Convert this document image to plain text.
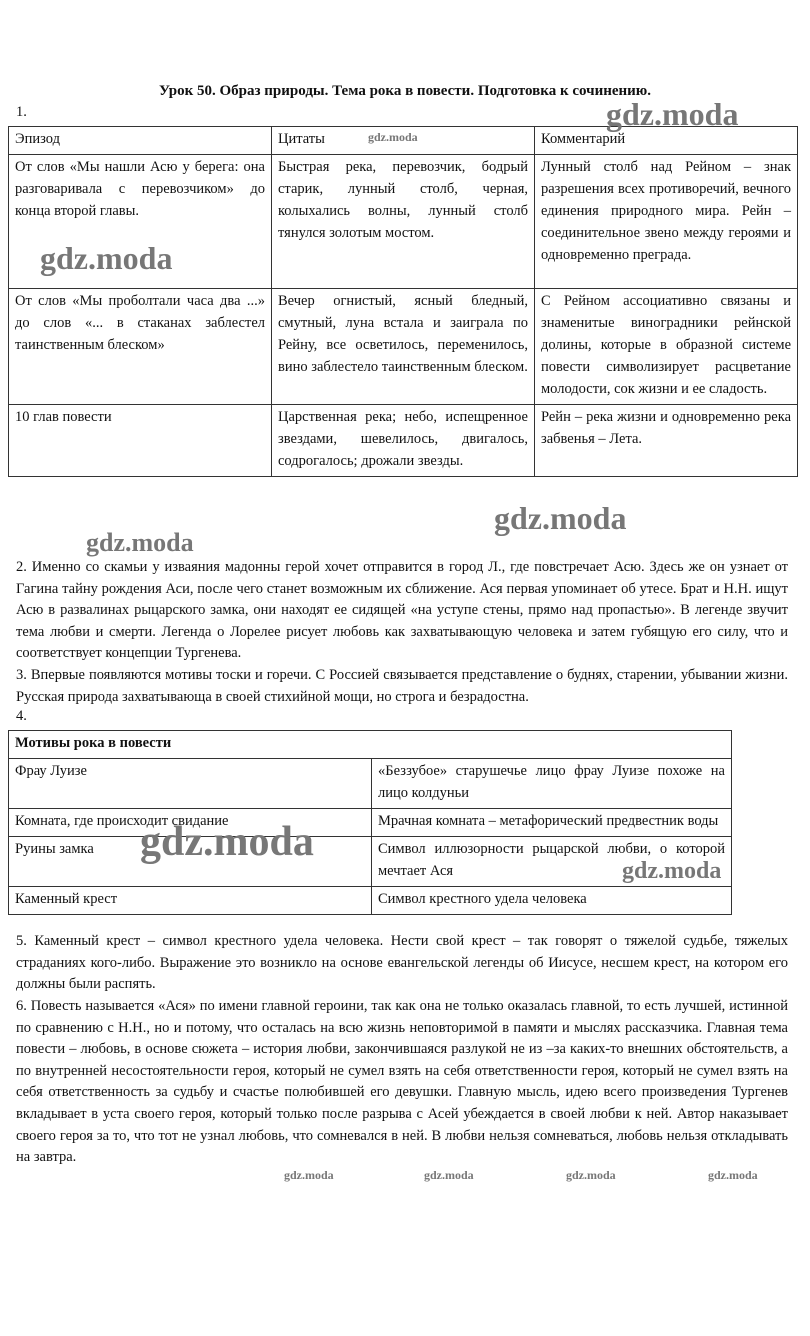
Урок 50. Образ природы. Тема рока в повести. Подготовка к сочинению.
1.
Эпизод	Цитаты	Комментарий
От слов «Мы нашли Асю у берега: она разговаривала с перевозчиком» до конца второй главы.	Быстрая река, перевозчик, бодрый старик, лунный столб, черная, колыхались волны, лунный столб тянулся золотым мостом.	Лунный столб над Рейном – знак разрешения всех противоречий, вечного единения природного мира. Рейн – соединительное звено между героями и одновременно преграда.
От слов «Мы проболтали часа два ...» до слов «... в стаканах заблестел таинственным блеском»	Вечер огнистый, ясный бледный, смутный, луна встала и заиграла по Рейну, все осветилось, переменилось, вино заблестело таинственным блеском.	С Рейном ассоциативно связаны и знаменитые виноградники рейнской долины, которые в образной системе повести символизирует расцветание молодости, сок жизни и ее сладость.
10 глав повести	Царственная река; небо, испещренное звездами, шевелилось, двигалось, содрогалось; дрожали звезды.	Рейн – река жизни и одновременно река забвенья – Лета.
2. Именно со скамьи у изваяния мадонны герой хочет отправится в город Л., где повстречает Асю. Здесь же он узнает от Гагина тайну рождения Аси, после чего станет возможным их сближение. Ася первая упоминает об утесе. Брат и Н.Н. ищут Асю в развалинах рыцарского замка, они находят ее сидящей «на уступе стены, прямо над пропастью». В легенде звучит тема любви и смерти. Легенда о Лорелее рисует любовь как захватывающую человека и затем губящую его силу, что и соответствует концепции Тургенева.
3. Впервые появляются мотивы тоски и горечи. С Россией связывается представление о буднях, старении, убывании жизни. Русская природа захватывающа в своей стихийной мощи, но строга и безрадостна.
4.
Мотивы рока в повести	
Фрау Луизе	«Беззубое» старушечье лицо фрау Луизе похоже на лицо колдуньи
Комната, где происходит свидание	Мрачная комната – метафорический предвестник воды
Руины замка	Символ иллюзорности рыцарской любви, о которой мечтает Ася
Каменный крест	Символ крестного удела человека
5. Каменный крест – символ крестного удела человека. Нести свой крест – так говорят о тяжелой судьбе, тяжелых страданиях кого-либо. Выражение это возникло на основе евангельской легенды об Иисусе, несшем крест, на котором его должны были распять.
6. Повесть называется «Ася» по имени главной героини, так как она не только оказалась главной, то есть лучшей, истинной по сравнению с Н.Н., но и потому, что осталась на всю жизнь неповторимой в памяти и мыслях рассказчика. Главная тема повести – любовь, в основе сюжета – история любви, закончившаяся разлукой не из –за каких-то внешних обстоятельств, а по внутренней несостоятельности героя, который не сумел взять на себя ответственности героя, который не сумел взять на себя ответственность за судьбу и счастье полюбившей его девушки. Главную мысль, идею всего произведения Тургенев вкладывает в уста своего героя, который только после разрыва с Асей убеждается в своей любви к ней. Автор наказывает своего героя за то, что тот не узнал любовь, что сомневался в ней. В любви нельзя сомневаться, любовь нельзя откладывать на завтра.
gdz.moda
gdz.moda
gdz.moda
gdz.moda
gdz.moda
gdz.moda
gdz.moda
gdz.moda	gdz.moda	gdz.moda	gdz.moda
